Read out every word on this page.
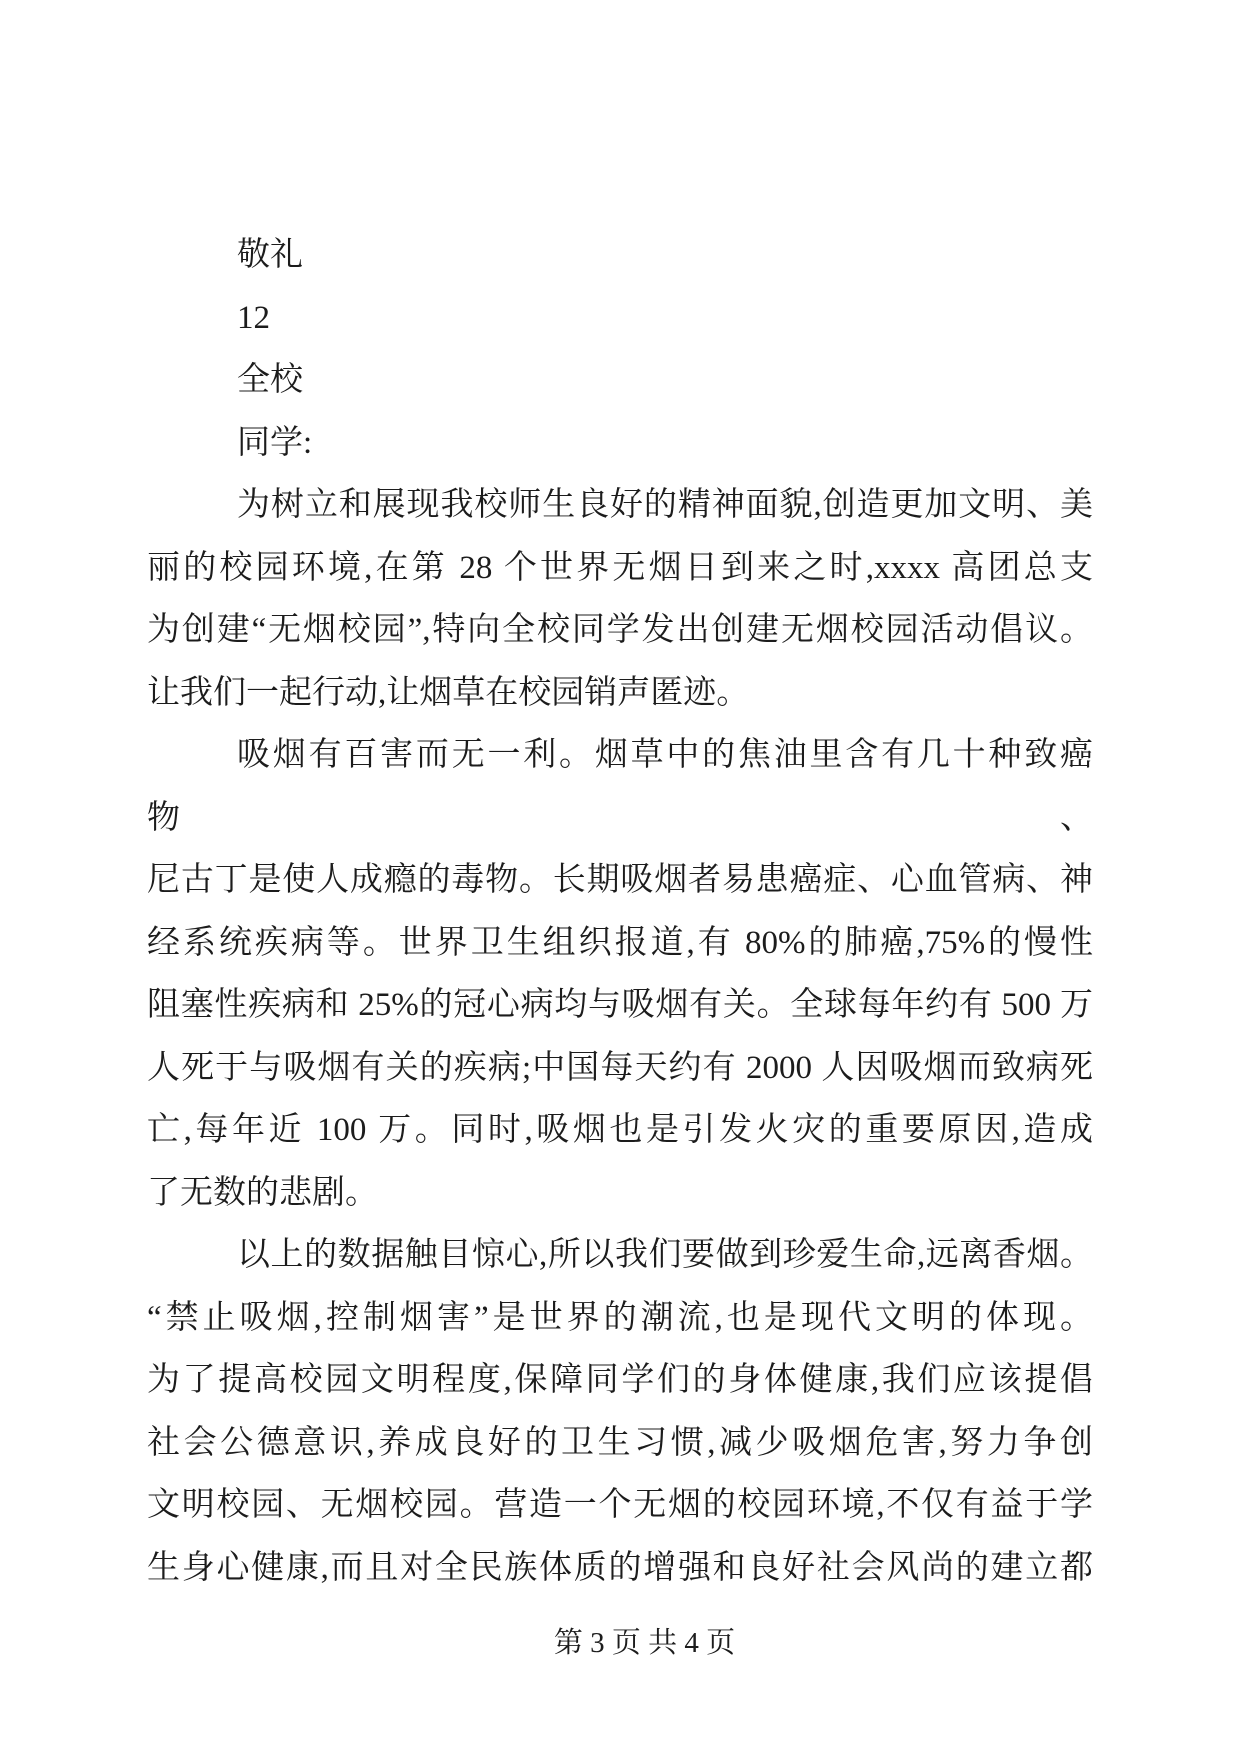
敬礼
12
全校
同学:
为树立和展现我校师生良好的精神面貌,创造更加文明、美
丽的校园环境,在第 28 个世界无烟日到来之时,xxxx 高团总支
为创建“无烟校园”,特向全校同学发出创建无烟校园活动倡议。
让我们一起行动,让烟草在校园销声匿迹。
吸烟有百害而无一利。烟草中的焦油里含有几十种致癌物、
尼古丁是使人成瘾的毒物。长期吸烟者易患癌症、心血管病、神
经系统疾病等。世界卫生组织报道,有 80%的肺癌,75%的慢性
阻塞性疾病和 25%的冠心病均与吸烟有关。全球每年约有 500 万
人死于与吸烟有关的疾病;中国每天约有 2000 人因吸烟而致病死
亡,每年近 100 万。同时,吸烟也是引发火灾的重要原因,造成
了无数的悲剧。
以上的数据触目惊心,所以我们要做到珍爱生命,远离香烟。
“禁止吸烟,控制烟害”是世界的潮流,也是现代文明的体现。
为了提高校园文明程度,保障同学们的身体健康,我们应该提倡
社会公德意识,养成良好的卫生习惯,减少吸烟危害,努力争创
文明校园、无烟校园。营造一个无烟的校园环境,不仅有益于学
生身心健康,而且对全民族体质的增强和良好社会风尚的建立都
第 3 页 共 4 页
